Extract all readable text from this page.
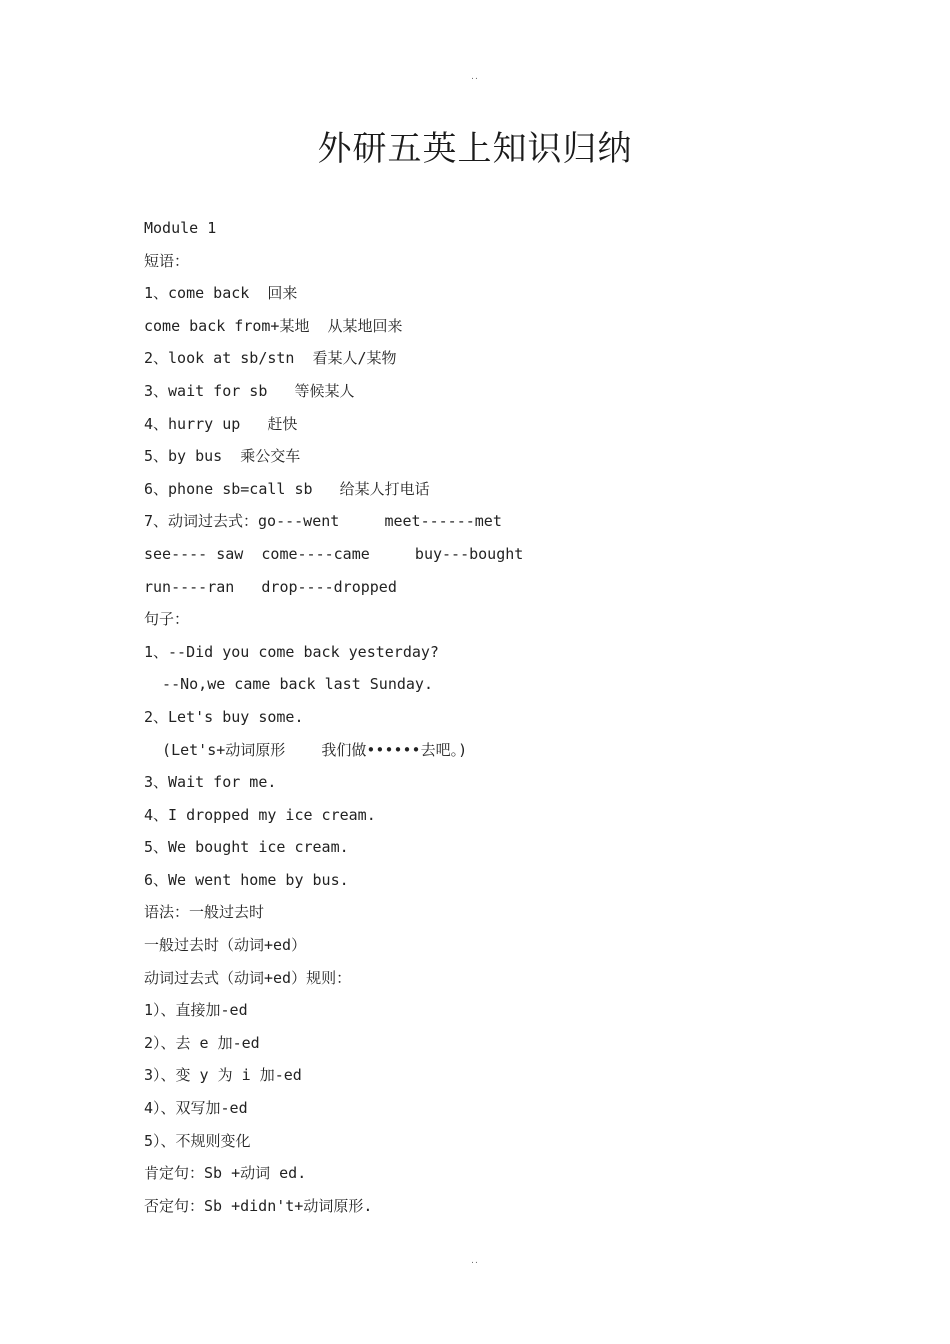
..
外研五英上知识归纳
Module 1
短语：
1、come back  回来
come back from+某地  从某地回来
2、look at sb/stn  看某人/某物
3、wait for sb   等候某人
4、hurry up   赶快
5、by bus  乘公交车
6、phone sb=call sb   给某人打电话
7、动词过去式：go---went     meet------met
see---- saw  come----came     buy---bought
run----ran   drop----dropped
句子：
1、--Did you come back yesterday?
--No,we came back last Sunday.
2、Let's buy some.
(Let's+动词原形    我们做••••••去吧。)
3、Wait for me.
4、I dropped my ice cream.
5、We bought ice cream.
6、We went home by bus.
语法：一般过去时
一般过去时（动词+ed）
动词过去式（动词+ed）规则：
1）、直接加-ed
2）、去 e 加-ed
3）、变 y 为 i 加-ed
4）、双写加-ed
5）、不规则变化
肯定句：Sb +动词 ed.
否定句：Sb +didn't+动词原形.
..
